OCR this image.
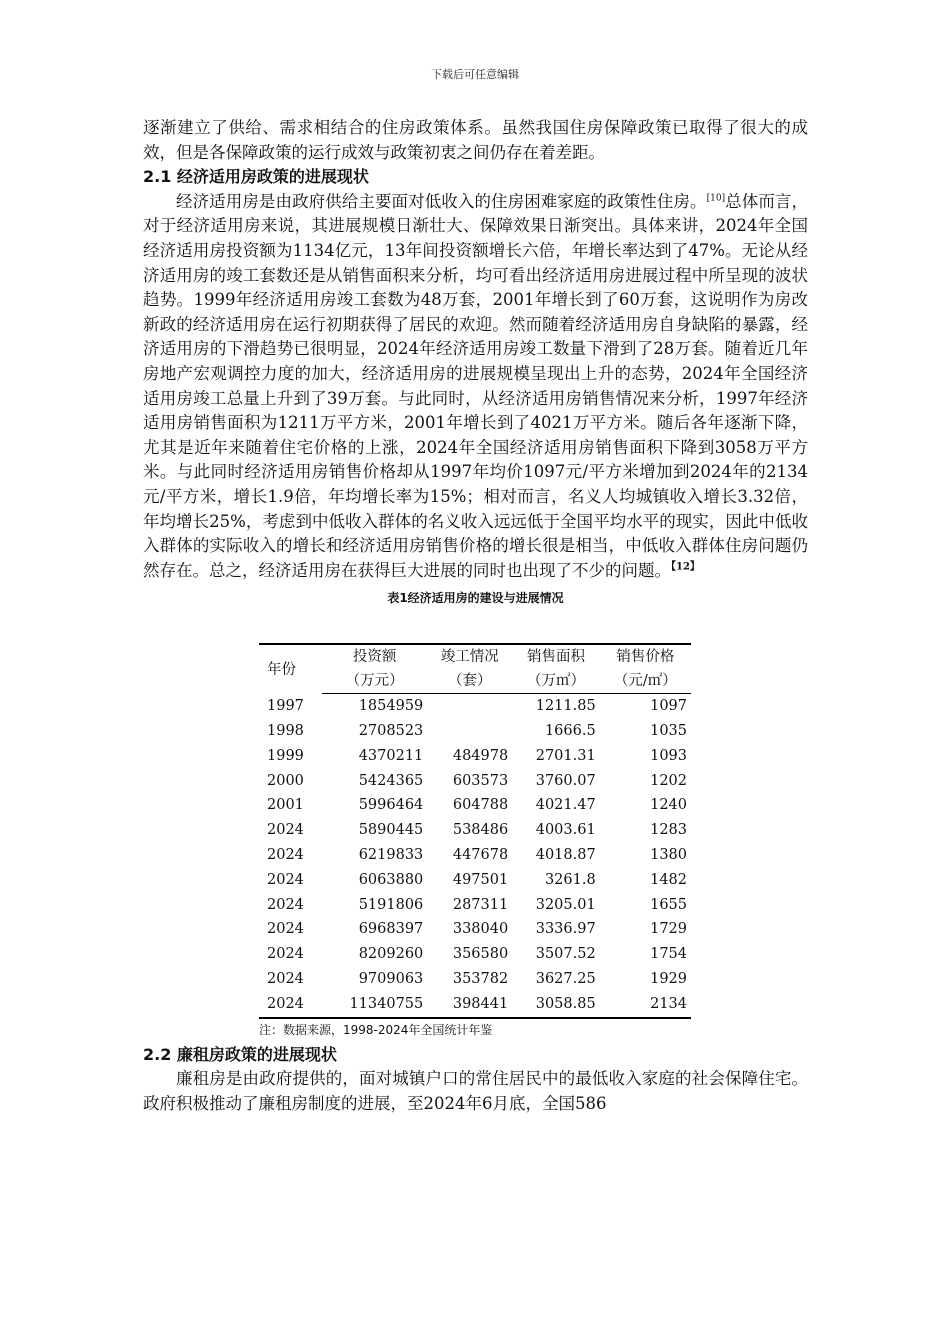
下载后可任意编辑

逐渐建立了供给、需求相结合的住房政策体系。虽然我国住房保障政策已取得了很大的成效，但是各保障政策的运行成效与政策初衷之间仍存在着差距。

2.1 经济适用房政策的进展现状

经济适用房是由政府供给主要面对低收入的住房困难家庭的政策性住房。[10]总体而言，对于经济适用房来说，其进展规模日渐壮大、保障效果日渐突出。具体来讲，2024年全国经济适用房投资额为1134亿元，13年间投资额增长六倍，年增长率达到了47%。无论从经济适用房的竣工套数还是从销售面积来分析，均可看出经济适用房进展过程中所呈现的波状趋势。1999年经济适用房竣工套数为48万套，2001年增长到了60万套，这说明作为房改新政的经济适用房在运行初期获得了居民的欢迎。然而随着经济适用房自身缺陷的暴露，经济适用房的下滑趋势已很明显，2024年经济适用房竣工数量下滑到了28万套。随着近几年房地产宏观调控力度的加大，经济适用房的进展规模呈现出上升的态势，2024年全国经济适用房竣工总量上升到了39万套。与此同时，从经济适用房销售情况来分析，1997年经济适用房销售面积为1211万平方米，2001年增长到了4021万平方米。随后各年逐渐下降，尤其是近年来随着住宅价格的上涨，2024年全国经济适用房销售面积下降到3058万平方米。与此同时经济适用房销售价格却从1997年均价1097元/平方米增加到2024年的2134元/平方米，增长1.9倍，年均增长率为15%；相对而言，名义人均城镇收入增长3.32倍，年均增长25%，考虑到中低收入群体的名义收入远远低于全国平均水平的现实，因此中低收入群体的实际收入的增长和经济适用房销售价格的增长很是相当，中低收入群体住房问题仍然存在。总之，经济适用房在获得巨大进展的同时也出现了不少的问题。$^{【12】}$

表1经济适用房的建设与进展情况
年份	投资额	竣工情况	销售面积	销售价格
	（万元）	（套）	（万㎡）	（元/㎡）
1997	1854959		1211.85	1097
1998	2708523		1666.5	1035
1999	4370211	484978	2701.31	1093
2000	5424365	603573	3760.07	1202
2001	5996464	604788	4021.47	1240
2024	5890445	538486	4003.61	1283
2024	6219833	447678	4018.87	1380
2024	6063880	497501	3261.8	1482
2024	5191806	287311	3205.01	1655
2024	6968397	338040	3336.97	1729
2024	8209260	356580	3507.52	1754
2024	9709063	353782	3627.25	1929
2024	11340755	398441	3058.85	2134
注：数据来源，1998-2024年全国统计年鉴
2.2 廉租房政策的进展现状

廉租房是由政府提供的，面对城镇户口的常住居民中的最低收入家庭的社会保障住宅。政府积极推动了廉租房制度的进展，至2024年6月底，全国586
